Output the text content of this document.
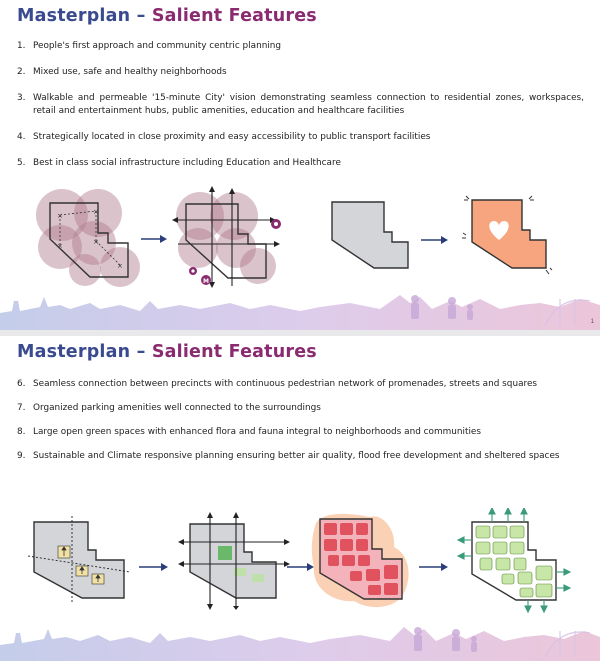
Masterplan – Salient Features
1. People's first approach and community centric planning
2. Mixed use, safe and healthy neighborhoods
3. Walkable and permeable '15-minute City' vision demonstrating seamless connection to residential zones, workspaces, retail and entertainment hubs, public amenities, education and healthcare facilities
4. Strategically located in close proximity and easy accessibility to public transport facilities
5. Best in class social infrastructure including Education and Healthcare
×	×
×	×
×
M
1
Masterplan – Salient Features
6. Seamless connection between precincts with continuous pedestrian network of promenades, streets and squares
7. Organized parking amenities well connected to the surroundings
8. Large open green spaces with enhanced flora and fauna integral to neighborhoods and communities
9. Sustainable and Climate responsive planning ensuring better air quality, flood free development and sheltered spaces
